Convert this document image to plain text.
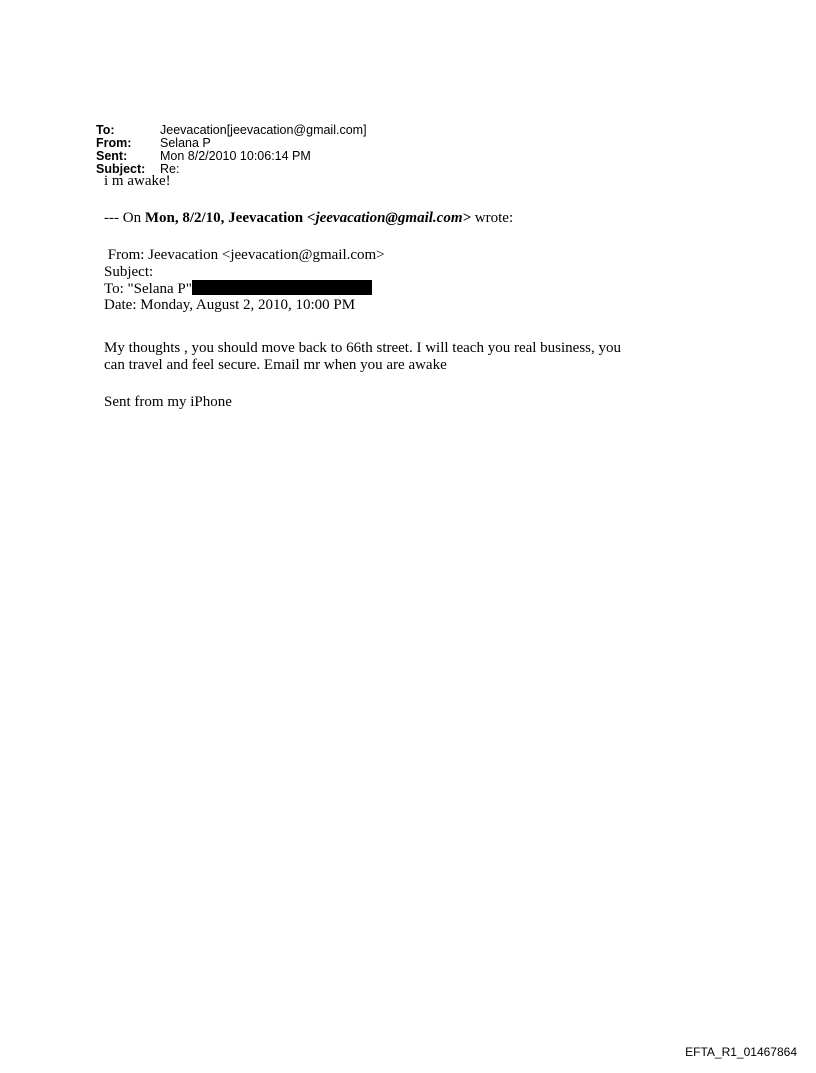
To:	Jeevacation[jeevacation@gmail.com]
From:	Selana P
Sent:	Mon 8/2/2010 10:06:14 PM
Subject:	Re:
i m awake!
--- On Mon, 8/2/10, Jeevacation <jeevacation@gmail.com> wrote:
From: Jeevacation <jeevacation@gmail.com>
Subject:
To: "Selana P"
Date: Monday, August 2, 2010, 10:00 PM
My thoughts , you should move back to 66th street. I will teach you real business, you
can travel and feel secure. Email mr when you are awake
Sent from my iPhone
EFTA_R1_01467864
